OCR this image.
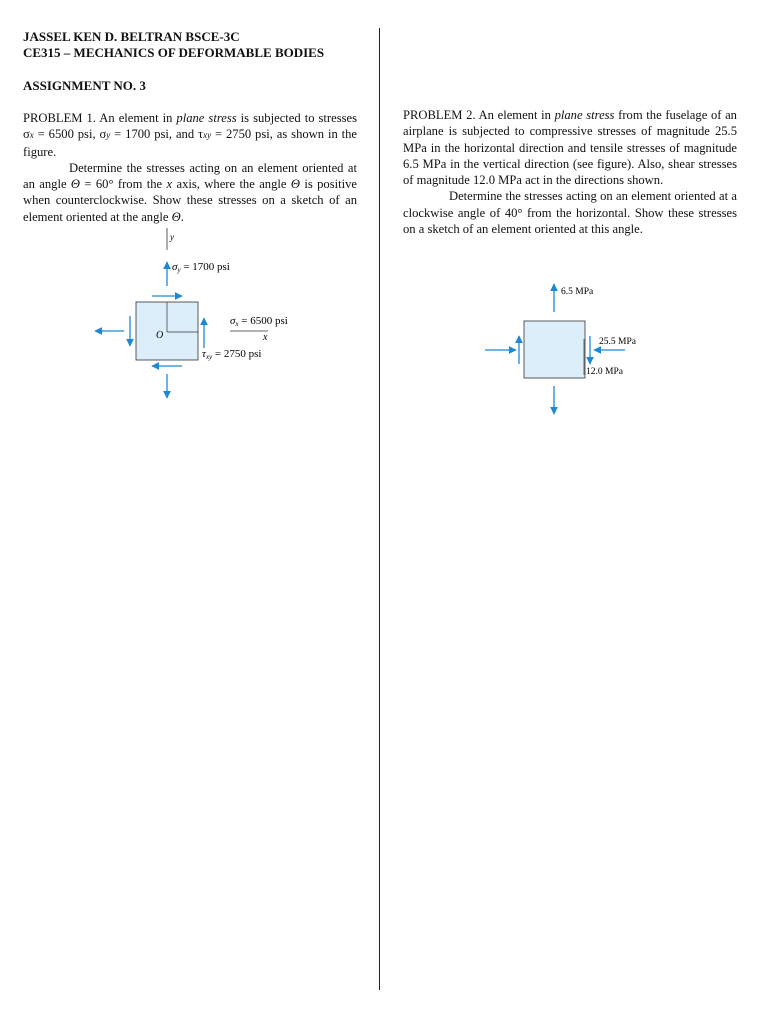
JASSEL KEN D. BELTRAN BSCE-3C
CE315 – MECHANICS OF DEFORMABLE BODIES
ASSIGNMENT NO. 3

PROBLEM 1. An element in plane stress is subjected to stresses σx = 6500 psi, σy = 1700 psi, and τxy = 2750 psi, as shown in the figure.

Determine the stresses acting on an element oriented at an angle Θ = 60° from the x axis, where the angle Θ is positive when counterclockwise. Show these stresses on a sketch of an element oriented at the angle Θ.

y
σy = 1700 psi
O
σx = 6500 psi
x
τxy = 2750 psi

PROBLEM 2. An element in plane stress from the fuselage of an airplane is subjected to compressive stresses of magnitude 25.5 MPa in the horizontal direction and tensile stresses of magnitude 6.5 MPa in the vertical direction (see figure). Also, shear stresses of magnitude 12.0 MPa act in the directions shown.

Determine the stresses acting on an element oriented at a clockwise angle of 40° from the horizontal. Show these stresses on a sketch of an element oriented at this angle.

6.5 MPa
25.5 MPa
12.0 MPa
